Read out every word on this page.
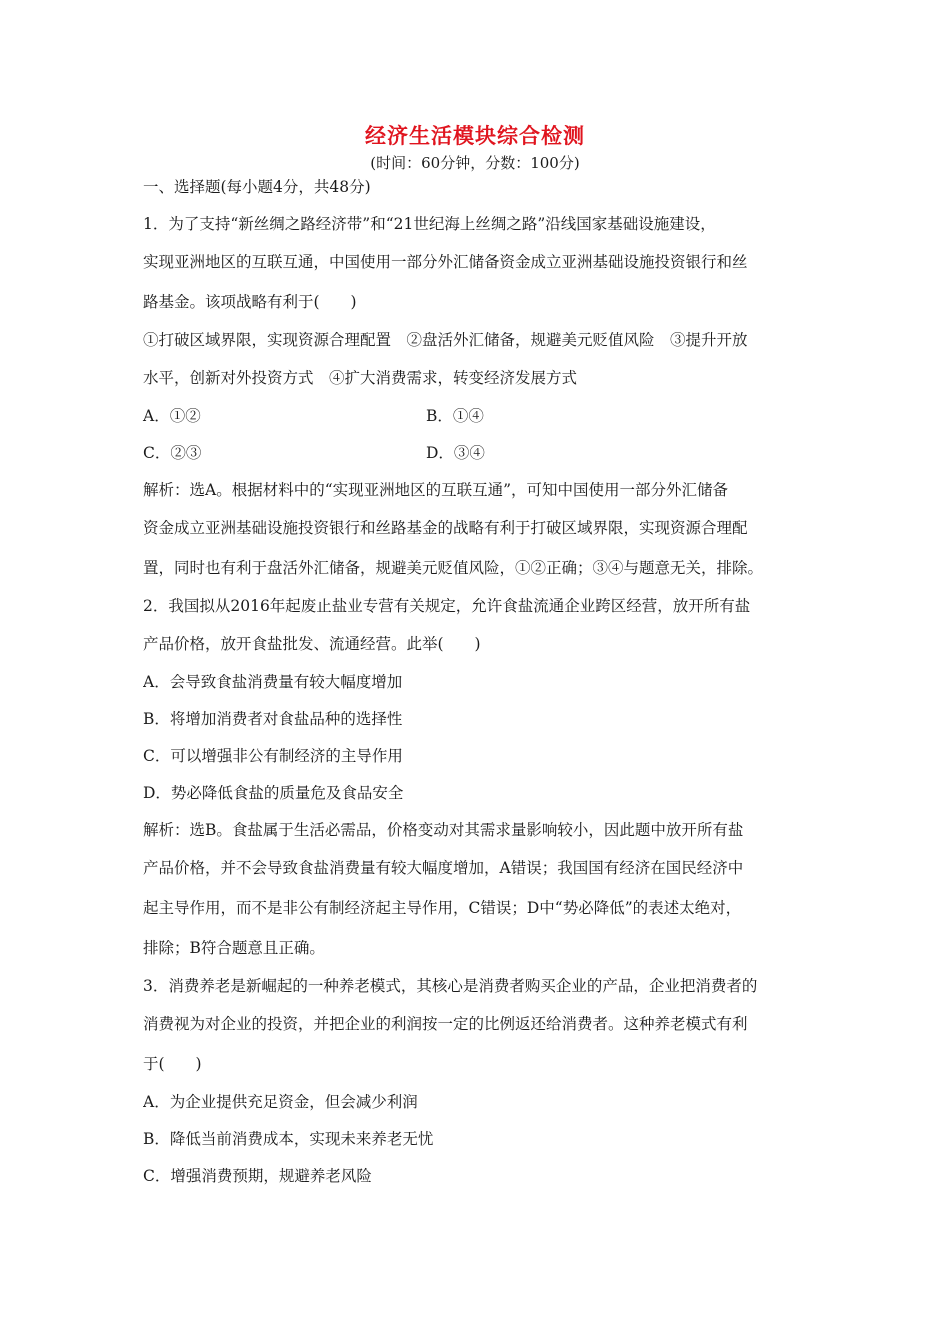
经济生活模块综合检测
(时间：60分钟，分数：100分)
一、选择题(每小题4分，共48分)
1．为了支持“新丝绸之路经济带”和“21世纪海上丝绸之路”沿线国家基础设施建设，
实现亚洲地区的互联互通，中国使用一部分外汇储备资金成立亚洲基础设施投资银行和丝
路基金。该项战略有利于(　　)
①打破区域界限，实现资源合理配置　②盘活外汇储备，规避美元贬值风险　③提升开放
水平，创新对外投资方式　④扩大消费需求，转变经济发展方式
A．①②	B．①④
C．②③	D．③④
解析：选A。根据材料中的“实现亚洲地区的互联互通”，可知中国使用一部分外汇储备
资金成立亚洲基础设施投资银行和丝路基金的战略有利于打破区域界限，实现资源合理配
置，同时也有利于盘活外汇储备，规避美元贬值风险，①②正确；③④与题意无关，排除。
2．我国拟从2016年起废止盐业专营有关规定，允许食盐流通企业跨区经营，放开所有盐
产品价格，放开食盐批发、流通经营。此举(　　)
A．会导致食盐消费量有较大幅度增加
B．将增加消费者对食盐品种的选择性
C．可以增强非公有制经济的主导作用
D．势必降低食盐的质量危及食品安全
解析：选B。食盐属于生活必需品，价格变动对其需求量影响较小，因此题中放开所有盐
产品价格，并不会导致食盐消费量有较大幅度增加，A错误；我国国有经济在国民经济中
起主导作用，而不是非公有制经济起主导作用，C错误；D中“势必降低”的表述太绝对，
排除；B符合题意且正确。
3．消费养老是新崛起的一种养老模式，其核心是消费者购买企业的产品，企业把消费者的
消费视为对企业的投资，并把企业的利润按一定的比例返还给消费者。这种养老模式有利
于(　　)
A．为企业提供充足资金，但会减少利润
B．降低当前消费成本，实现未来养老无忧
C．增强消费预期，规避养老风险
